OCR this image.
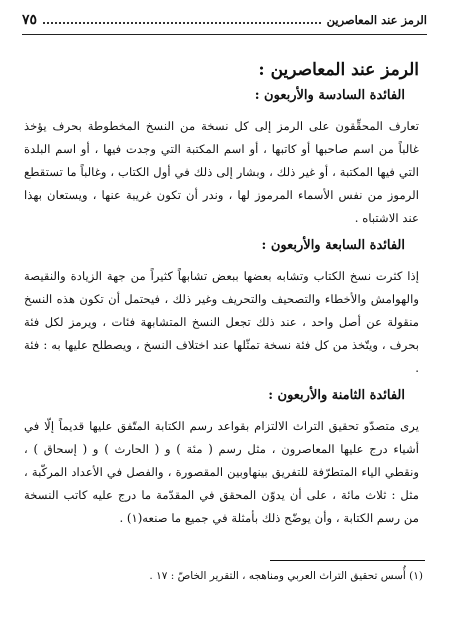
الرمز عند المعاصرين
٧٥
الرمز عند المعاصرين :
الفائدة السادسة والأربعون :

تعارف المحقِّقون على الرمز إلى كل نسخة من النسخ المخطوطة بحرف يؤخذ غالباً من اسم صاحبها أو كاتبها ، أو اسم المكتبة التي وجدت فيها ، أو اسم البلدة التي فيها المكتبة ، أو غير ذلك ، وبشار إلى ذلك في أول الكتاب ، وغالباً ما تستقطع الرموز من نفس الأسماء المرموز لها ، وندر أن تكون غريبة عنها ، ويستعان بهذا عند الاشتباه .

الفائدة السابعة والأربعون :

إذا كثرت نسخ الكتاب وتشابه بعضها ببعض تشابهاً كثيراً من جهة الزيادة والنقيصة والهوامش والأخطاء والتصحيف والتحريف وغير ذلك ، فيحتمل أن تكون هذه النسخ منقولة عن أصل واحد ، عند ذلك تجعل النسخ المتشابهة فئات ، ويرمز لكل فئة بحرف ، ويتّخذ من كل فئة نسخة تمثّلها عند اختلاف النسخ ، ويصطلح عليها به : فئة .

الفائدة الثامنة والأربعون :

يرى متصدّو تحقيق التراث الالتزام بقواعد رسم الكتابة المتّفق عليها قديماً إلّا في أشياء درج عليها المعاصرون ، مثل رسم ( مئة ) و ( الحارث ) و ( إسحاق ) ، ونقطي الياء المتطرّفة للتفريق بينهاوبين المقصورة ، والفصل في الأعداد المركّبة ، مثل : ثلاث مائة ، على أن يدوّن المحقق في المقدّمة ما درج عليه كاتب النسخة من رسم الكتابة ، وأن يوضّح ذلك بأمثلة في جميع ما صنعه(١) .

(١) أُسس تحقيق التراث العربي ومناهجه ، التقرير الخاصّ : ١٧ .
